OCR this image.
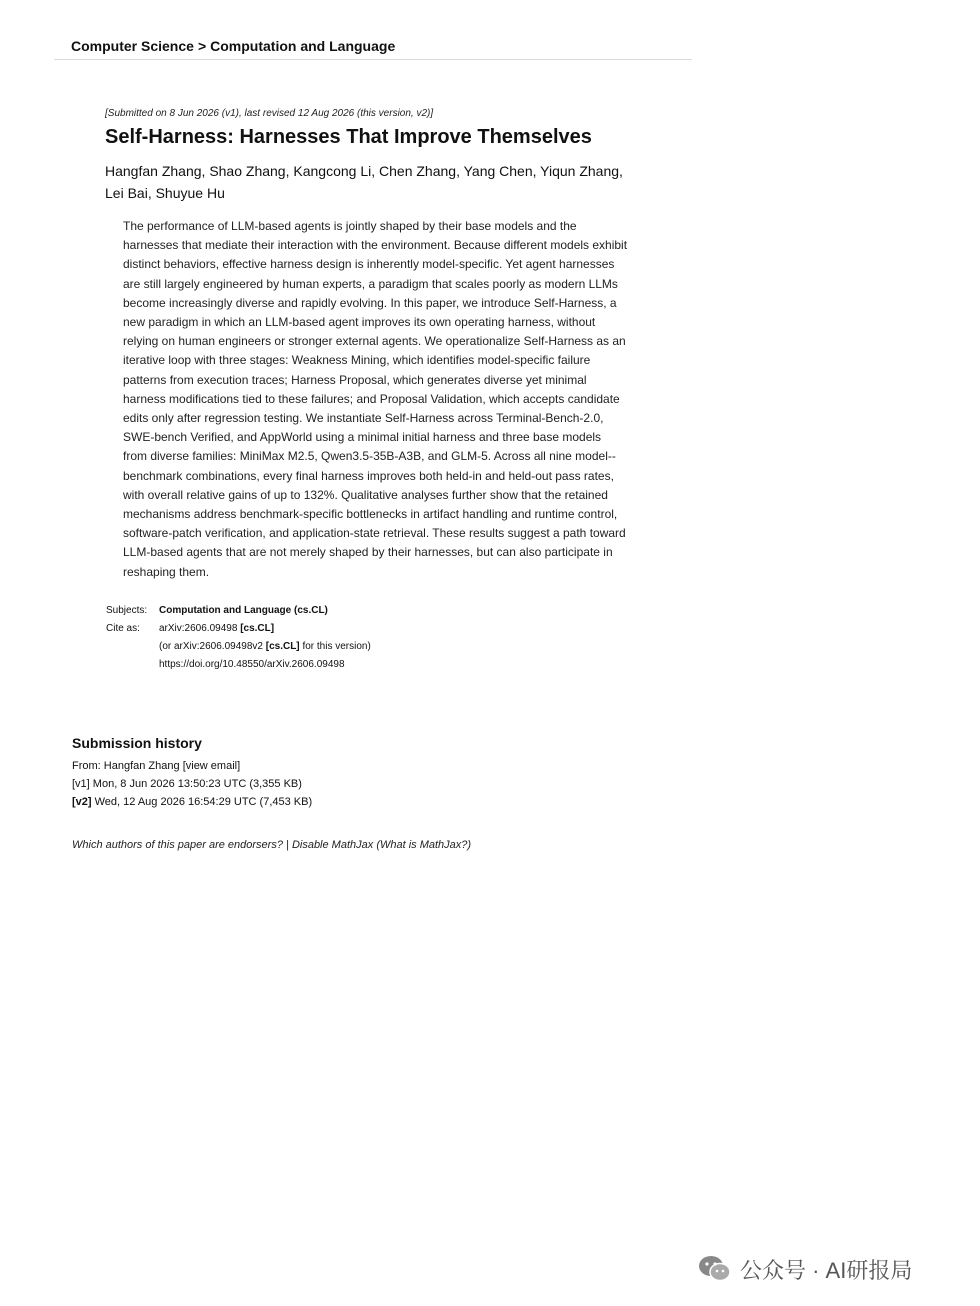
Computer Science > Computation and Language
[Submitted on 8 Jun 2026 (v1), last revised 12 Aug 2026 (this version, v2)]
Self-Harness: Harnesses That Improve Themselves
Hangfan Zhang, Shao Zhang, Kangcong Li, Chen Zhang, Yang Chen, Yiqun Zhang,
Lei Bai, Shuyue Hu
The performance of LLM-based agents is jointly shaped by their base models and the harnesses that mediate their interaction with the environment. Because different models exhibit distinct behaviors, effective harness design is inherently model-specific. Yet agent harnesses are still largely engineered by human experts, a paradigm that scales poorly as modern LLMs become increasingly diverse and rapidly evolving. In this paper, we introduce Self-Harness, a new paradigm in which an LLM-based agent improves its own operating harness, without relying on human engineers or stronger external agents. We operationalize Self-Harness as an iterative loop with three stages: Weakness Mining, which identifies model-specific failure patterns from execution traces; Harness Proposal, which generates diverse yet minimal harness modifications tied to these failures; and Proposal Validation, which accepts candidate edits only after regression testing. We instantiate Self-Harness across Terminal-Bench-2.0, SWE-bench Verified, and AppWorld using a minimal initial harness and three base models from diverse families: MiniMax M2.5, Qwen3.5-35B-A3B, and GLM-5. Across all nine model--benchmark combinations, every final harness improves both held-in and held-out pass rates, with overall relative gains of up to 132%. Qualitative analyses further show that the retained mechanisms address benchmark-specific bottlenecks in artifact handling and runtime control, software-patch verification, and application-state retrieval. These results suggest a path toward LLM-based agents that are not merely shaped by their harnesses, but can also participate in reshaping them.
Subjects: Computation and Language (cs.CL)
Cite as: arXiv:2606.09498 [cs.CL]
(or arXiv:2606.09498v2 [cs.CL] for this version)
https://doi.org/10.48550/arXiv.2606.09498
Submission history
From: Hangfan Zhang [view email]
[v1] Mon, 8 Jun 2026 13:50:23 UTC (3,355 KB)
[v2] Wed, 12 Aug 2026 16:54:29 UTC (7,453 KB)
Which authors of this paper are endorsers? | Disable MathJax (What is MathJax?)
公众号 · AI研报局
